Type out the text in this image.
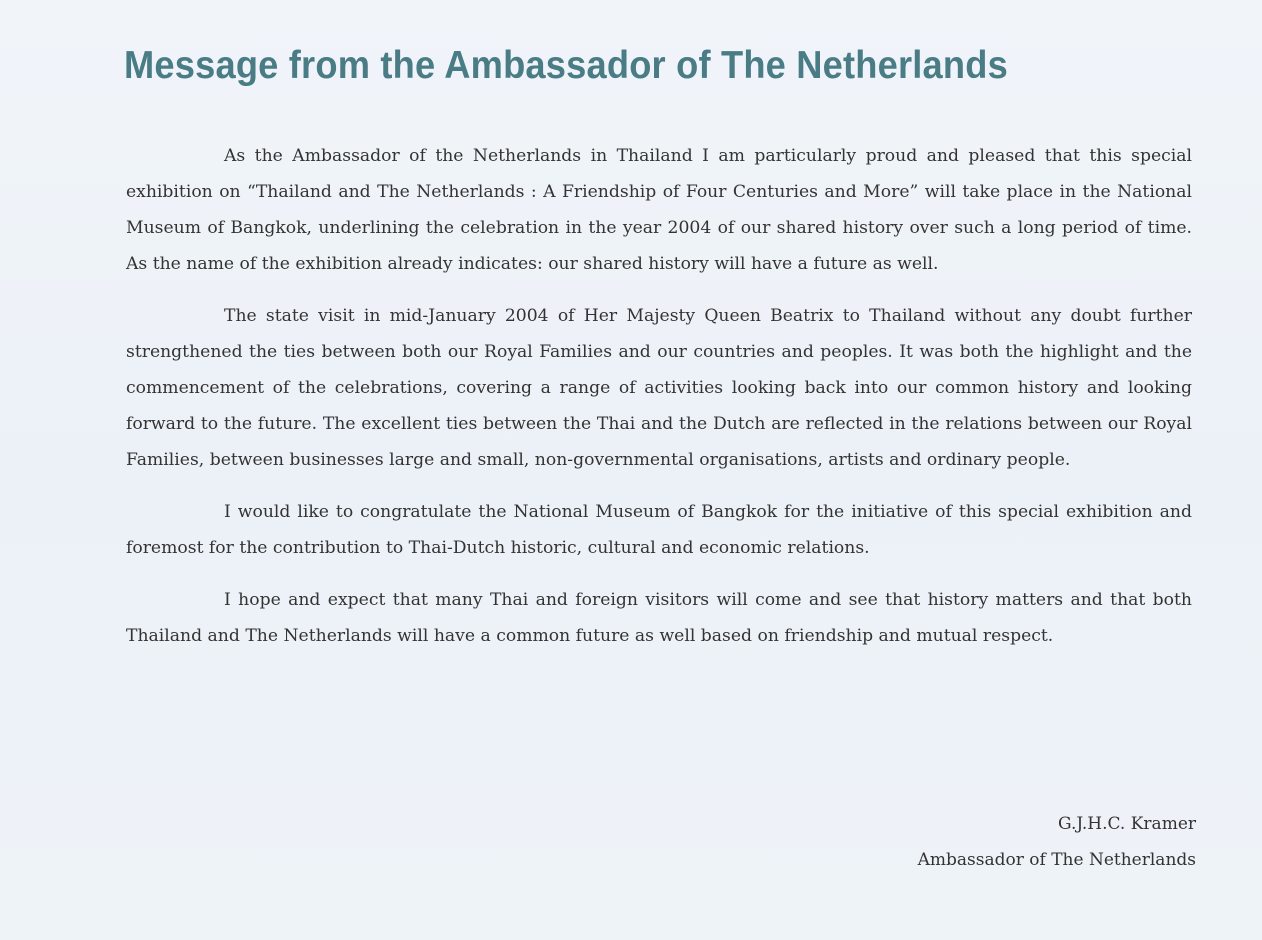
Message from the Ambassador of The Netherlands

As the Ambassador of the Netherlands in Thailand I am particularly proud and pleased that this special exhibition on “Thailand and The Netherlands : A Friendship of Four Centuries and More” will take place in the National Museum of Bangkok, underlining the celebration in the year 2004 of our shared history over such a long period of time. As the name of the exhibition already indicates: our shared history will have a future as well.

The state visit in mid-January 2004 of Her Majesty Queen Beatrix to Thailand without any doubt further strengthened the ties between both our Royal Families and our countries and peoples. It was both the highlight and the commencement of the celebrations, covering a range of activities looking back into our common history and looking forward to the future. The excellent ties between the Thai and the Dutch are reflected in the relations between our Royal Families, between businesses large and small, non-governmental organisations, artists and ordinary people.

I would like to congratulate the National Museum of Bangkok for the initiative of this special exhibition and foremost for the contribution to Thai-Dutch historic, cultural and economic relations.

I hope and expect that many Thai and foreign visitors will come and see that history matters and that both Thailand and The Netherlands will have a common future as well based on friendship and mutual respect.

G.J.H.C. Kramer
Ambassador of The Netherlands
